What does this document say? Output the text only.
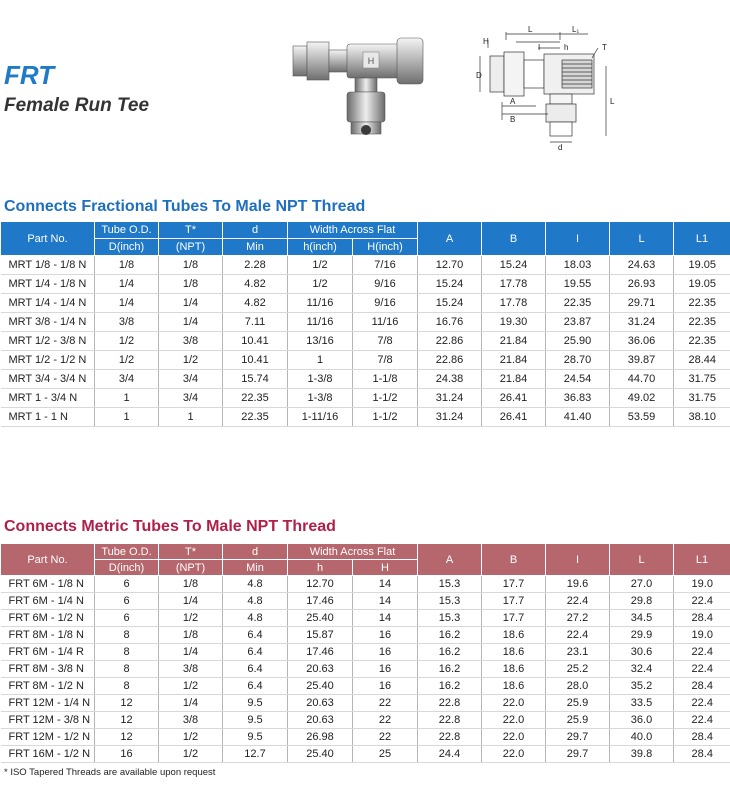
FRT
Female Run Tee
H
H
L	L₁
I	h	T
D
A
B
L
d
Connects Fractional Tubes To Male NPT Thread
Part No.	Tube O.D.	T*	d	Width Across Flat		A	B	I	L	L1
	D(inch)	(NPT)	Min	h(inch)	H(inch)					
MRT 1/8 - 1/8 N	1/8	1/8	2.28	1/2	7/16	12.70	15.24	18.03	24.63	19.05
MRT 1/4 - 1/8 N	1/4	1/8	4.82	1/2	9/16	15.24	17.78	19.55	26.93	19.05
MRT 1/4 - 1/4 N	1/4	1/4	4.82	11/16	9/16	15.24	17.78	22.35	29.71	22.35
MRT 3/8 - 1/4 N	3/8	1/4	7.11	11/16	11/16	16.76	19.30	23.87	31.24	22.35
MRT 1/2 - 3/8 N	1/2	3/8	10.41	13/16	7/8	22.86	21.84	25.90	36.06	22.35
MRT 1/2 - 1/2 N	1/2	1/2	10.41	1	7/8	22.86	21.84	28.70	39.87	28.44
MRT 3/4 - 3/4 N	3/4	3/4	15.74	1-3/8	1-1/8	24.38	21.84	24.54	44.70	31.75
MRT 1 - 3/4 N	1	3/4	22.35	1-3/8	1-1/2	31.24	26.41	36.83	49.02	31.75
MRT 1 - 1 N	1	1	22.35	1-11/16	1-1/2	31.24	26.41	41.40	53.59	38.10
Connects Metric Tubes To Male NPT Thread
Part No.	Tube O.D.	T*	d	Width Across Flat		A	B	I	L	L1
	D(inch)	(NPT)	Min	h	H					
FRT 6M - 1/8 N	6	1/8	4.8	12.70	14	15.3	17.7	19.6	27.0	19.0
FRT 6M - 1/4 N	6	1/4	4.8	17.46	14	15.3	17.7	22.4	29.8	22.4
FRT 6M - 1/2 N	6	1/2	4.8	25.40	14	15.3	17.7	27.2	34.5	28.4
FRT 8M - 1/8 N	8	1/8	6.4	15.87	16	16.2	18.6	22.4	29.9	19.0
FRT 6M - 1/4 R	8	1/4	6.4	17.46	16	16.2	18.6	23.1	30.6	22.4
FRT 8M - 3/8 N	8	3/8	6.4	20.63	16	16.2	18.6	25.2	32.4	22.4
FRT 8M - 1/2 N	8	1/2	6.4	25.40	16	16.2	18.6	28.0	35.2	28.4
FRT 12M - 1/4 N	12	1/4	9.5	20.63	22	22.8	22.0	25.9	33.5	22.4
FRT 12M - 3/8 N	12	3/8	9.5	20.63	22	22.8	22.0	25.9	36.0	22.4
FRT 12M - 1/2 N	12	1/2	9.5	26.98	22	22.8	22.0	29.7	40.0	28.4
FRT 16M - 1/2 N	16	1/2	12.7	25.40	25	24.4	22.0	29.7	39.8	28.4
* ISO Tapered Threads are available upon request
